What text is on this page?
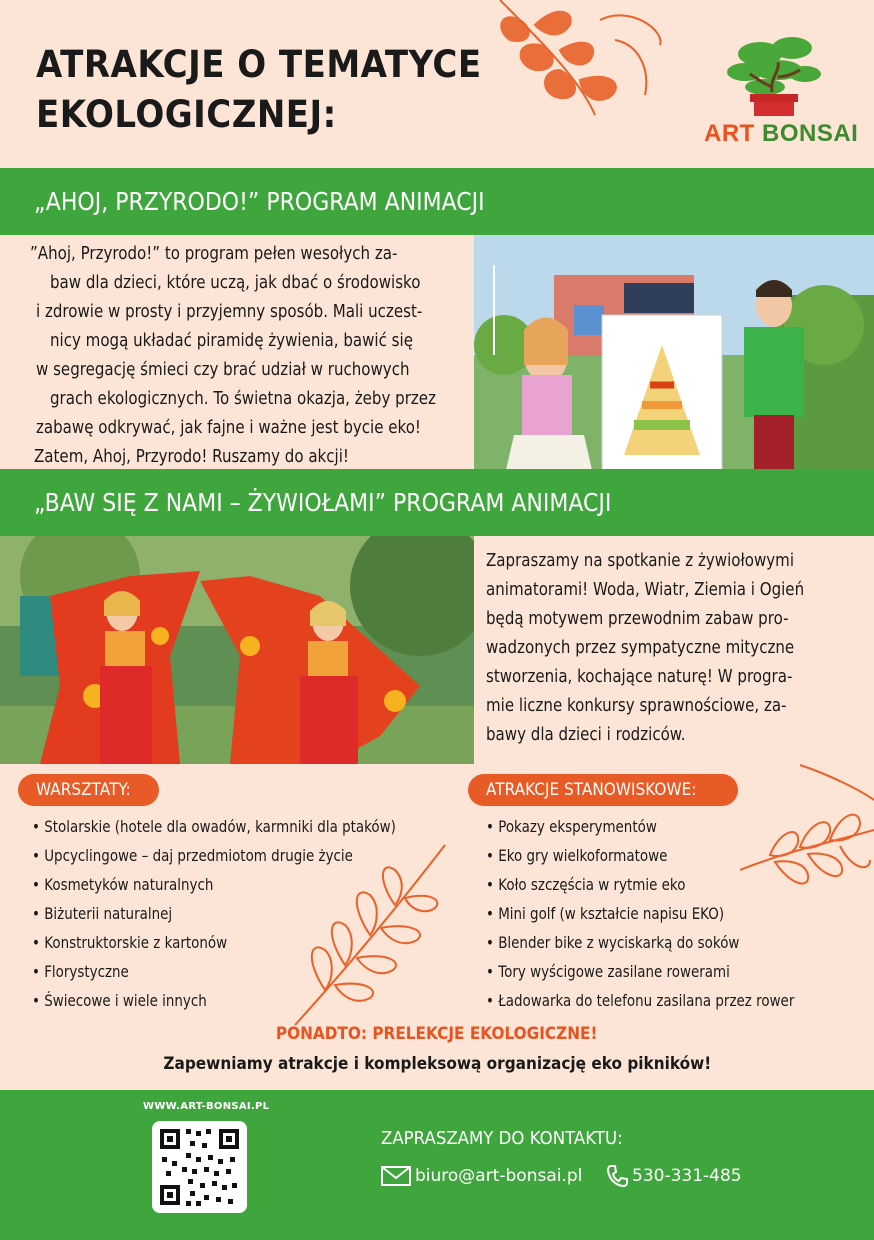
ATRAKCJE O TEMATYCE
EKOLOGICZNEJ:	ART BONSAI
„AHOJ, PRZYRODO!” PROGRAM ANIMACJI

”Ahoj, Przyrodo!” to program pełen wesołych za-

baw dla dzieci, które uczą, jak dbać o środowisko

i zdrowie w prosty i przyjemny sposób. Mali uczest-

nicy mogą układać piramidę żywienia, bawić się

w segregację śmieci czy brać udział w ruchowych

grach ekologicznych. To świetna okazja, żeby przez

zabawę odkrywać, jak fajne i ważne jest bycie eko!

Zatem, Ahoj, Przyrodo! Ruszamy do akcji!

„BAW SIĘ Z NAMI – ŻYWIOŁAMI” PROGRAM ANIMACJI

Zapraszamy na spotkanie z żywiołowymi

animatorami! Woda, Wiatr, Ziemia i Ogień

będą motywem przewodnim zabaw pro-

wadzonych przez sympatyczne mityczne

stworzenia, kochające naturę! W progra-

mie liczne konkursy sprawnościowe, za-

bawy dla dzieci i rodziców.

WARSZTATY:
• Stolarskie (hotele dla owadów, karmniki dla ptaków)
• Upcyclingowe – daj przedmiotom drugie życie
• Kosmetyków naturalnych
• Biżuterii naturalnej
• Konstruktorskie z kartonów
• Florystyczne
• Świecowe i wiele innych
ATRAKCJE STANOWISKOWE:
• Pokazy eksperymentów
• Eko gry wielkoformatowe
• Koło szczęścia w rytmie eko
• Mini golf (w kształcie napisu EKO)
• Blender bike z wyciskarką do soków
• Tory wyścigowe zasilane rowerami
• Ładowarka do telefonu zasilana przez rower
PONADTO: PRELEKCJE EKOLOGICZNE!
Zapewniamy atrakcje i kompleksową organizację eko pikników!
WWW.ART-BONSAI.PL
ZAPRASZAMY DO KONTAKTU:
biuro@art-bonsai.pl	530-331-485
